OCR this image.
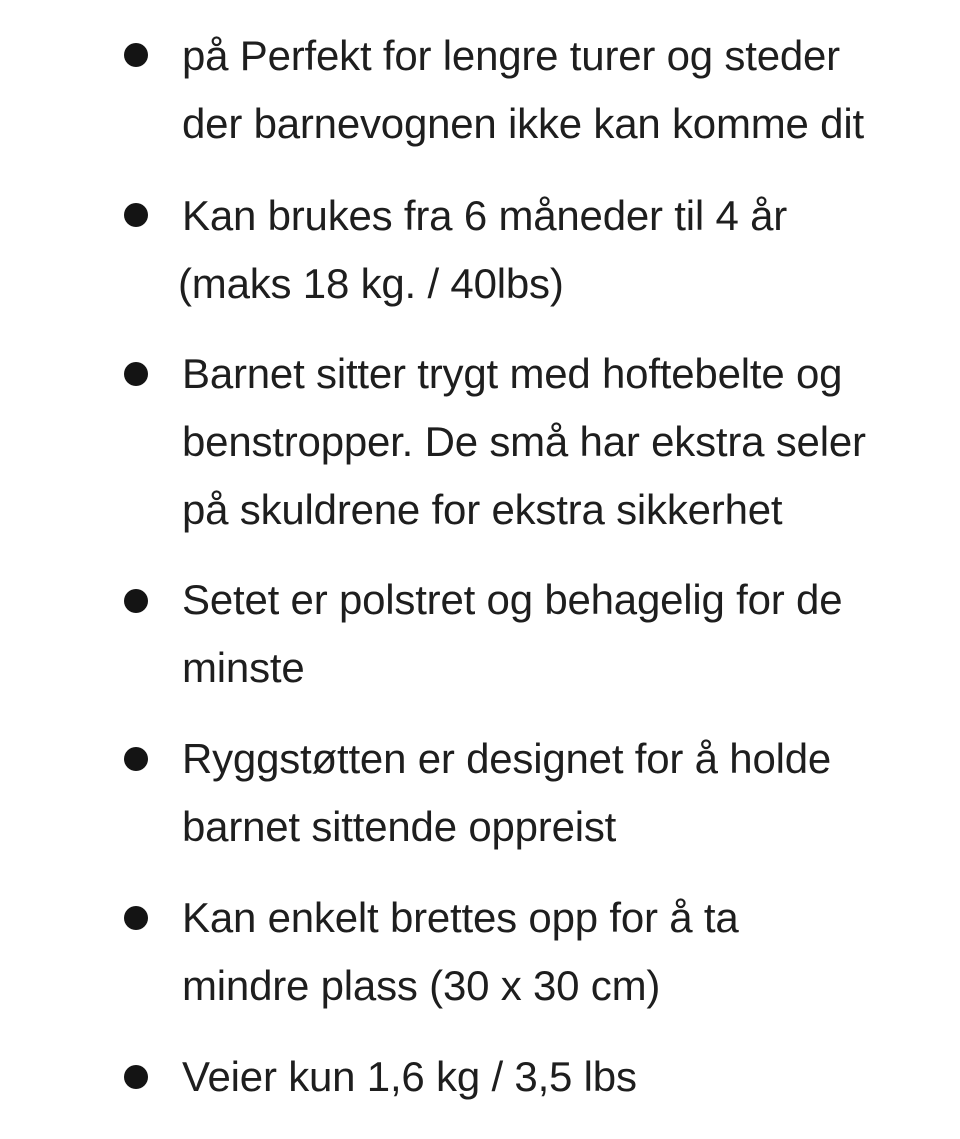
på Perfekt for lengre turer og steder
der barnevognen ikke kan komme dit
Kan brukes fra 6 måneder til 4 år
(maks 18 kg. / 40lbs)
Barnet sitter trygt med hoftebelte og
benstropper. De små har ekstra seler
på skuldrene for ekstra sikkerhet
Setet er polstret og behagelig for de
minste
Ryggstøtten er designet for å holde
barnet sittende oppreist
Kan enkelt brettes opp for å ta
mindre plass (30 x 30 cm)
Veier kun 1,6 kg / 3,5 lbs
